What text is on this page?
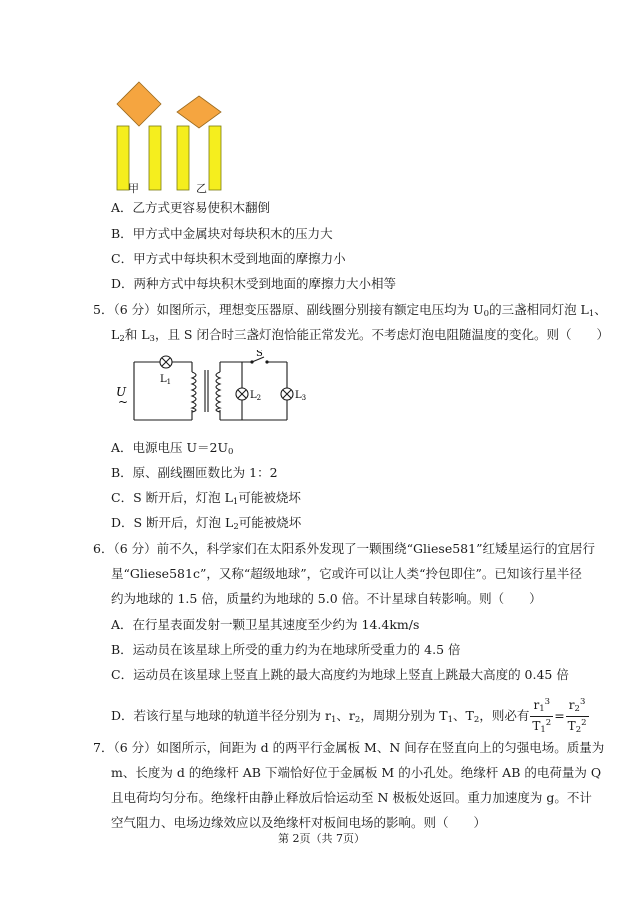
甲	乙
A．乙方式更容易使积木翻倒
B．甲方式中金属块对每块积木的压力大
C．甲方式中每块积木受到地面的摩擦力小
D．两种方式中每块积木受到地面的摩擦力大小相等
5．（6 分）如图所示，理想变压器原、副线圈分别接有额定电压均为 $U_0$的三盏相同灯泡 $L_1$、
$L_2$和 $L_3$，且 S 闭合时三盏灯泡恰能正常发光。不考虑灯泡电阻随温度的变化。则（　　）
U
~
$L_1$
S
$L_2$	$L_3$
A．电源电压 $U=2U_0$
B．原、副线圈匝数比为 1：2
C．S 断开后，灯泡 $L_1$可能被烧坏
D．S 断开后，灯泡 $L_2$可能被烧坏
6．（6 分）前不久，科学家们在太阳系外发现了一颗围绕“Gliese581”红矮星运行的宜居行
星“Gliese581c”，又称“超级地球”，它或许可以让人类“拎包即住”。已知该行星半径
约为地球的 1.5 倍，质量约为地球的 5.0 倍。不计星球自转影响。则（　　）
A．在行星表面发射一颗卫星其速度至少约为 14.4km/s
B．运动员在该星球上所受的重力约为在地球所受重力的 4.5 倍
C．运动员在该星球上竖直上跳的最大高度约为地球上竖直上跳最大高度的 0.45 倍
D．若该行星与地球的轨道半径分别为 $r_1$、$r_2$，周期分别为 $T_1$、$T_2$，则必有 $\frac{r_1^3}{T_1^2} = \frac{r_2^3}{T_2^2}$
7．（6 分）如图所示，间距为 d 的两平行金属板 M、N 间存在竖直向上的匀强电场。质量为
m、长度为 d 的绝缘杆 AB 下端恰好位于金属板 M 的小孔处。绝缘杆 AB 的电荷量为 Q
且电荷均匀分布。绝缘杆由静止释放后恰运动至 N 极板处返回。重力加速度为 g。不计
空气阻力、电场边缘效应以及绝缘杆对板间电场的影响。则（　　）
第 2页（共 7页）
